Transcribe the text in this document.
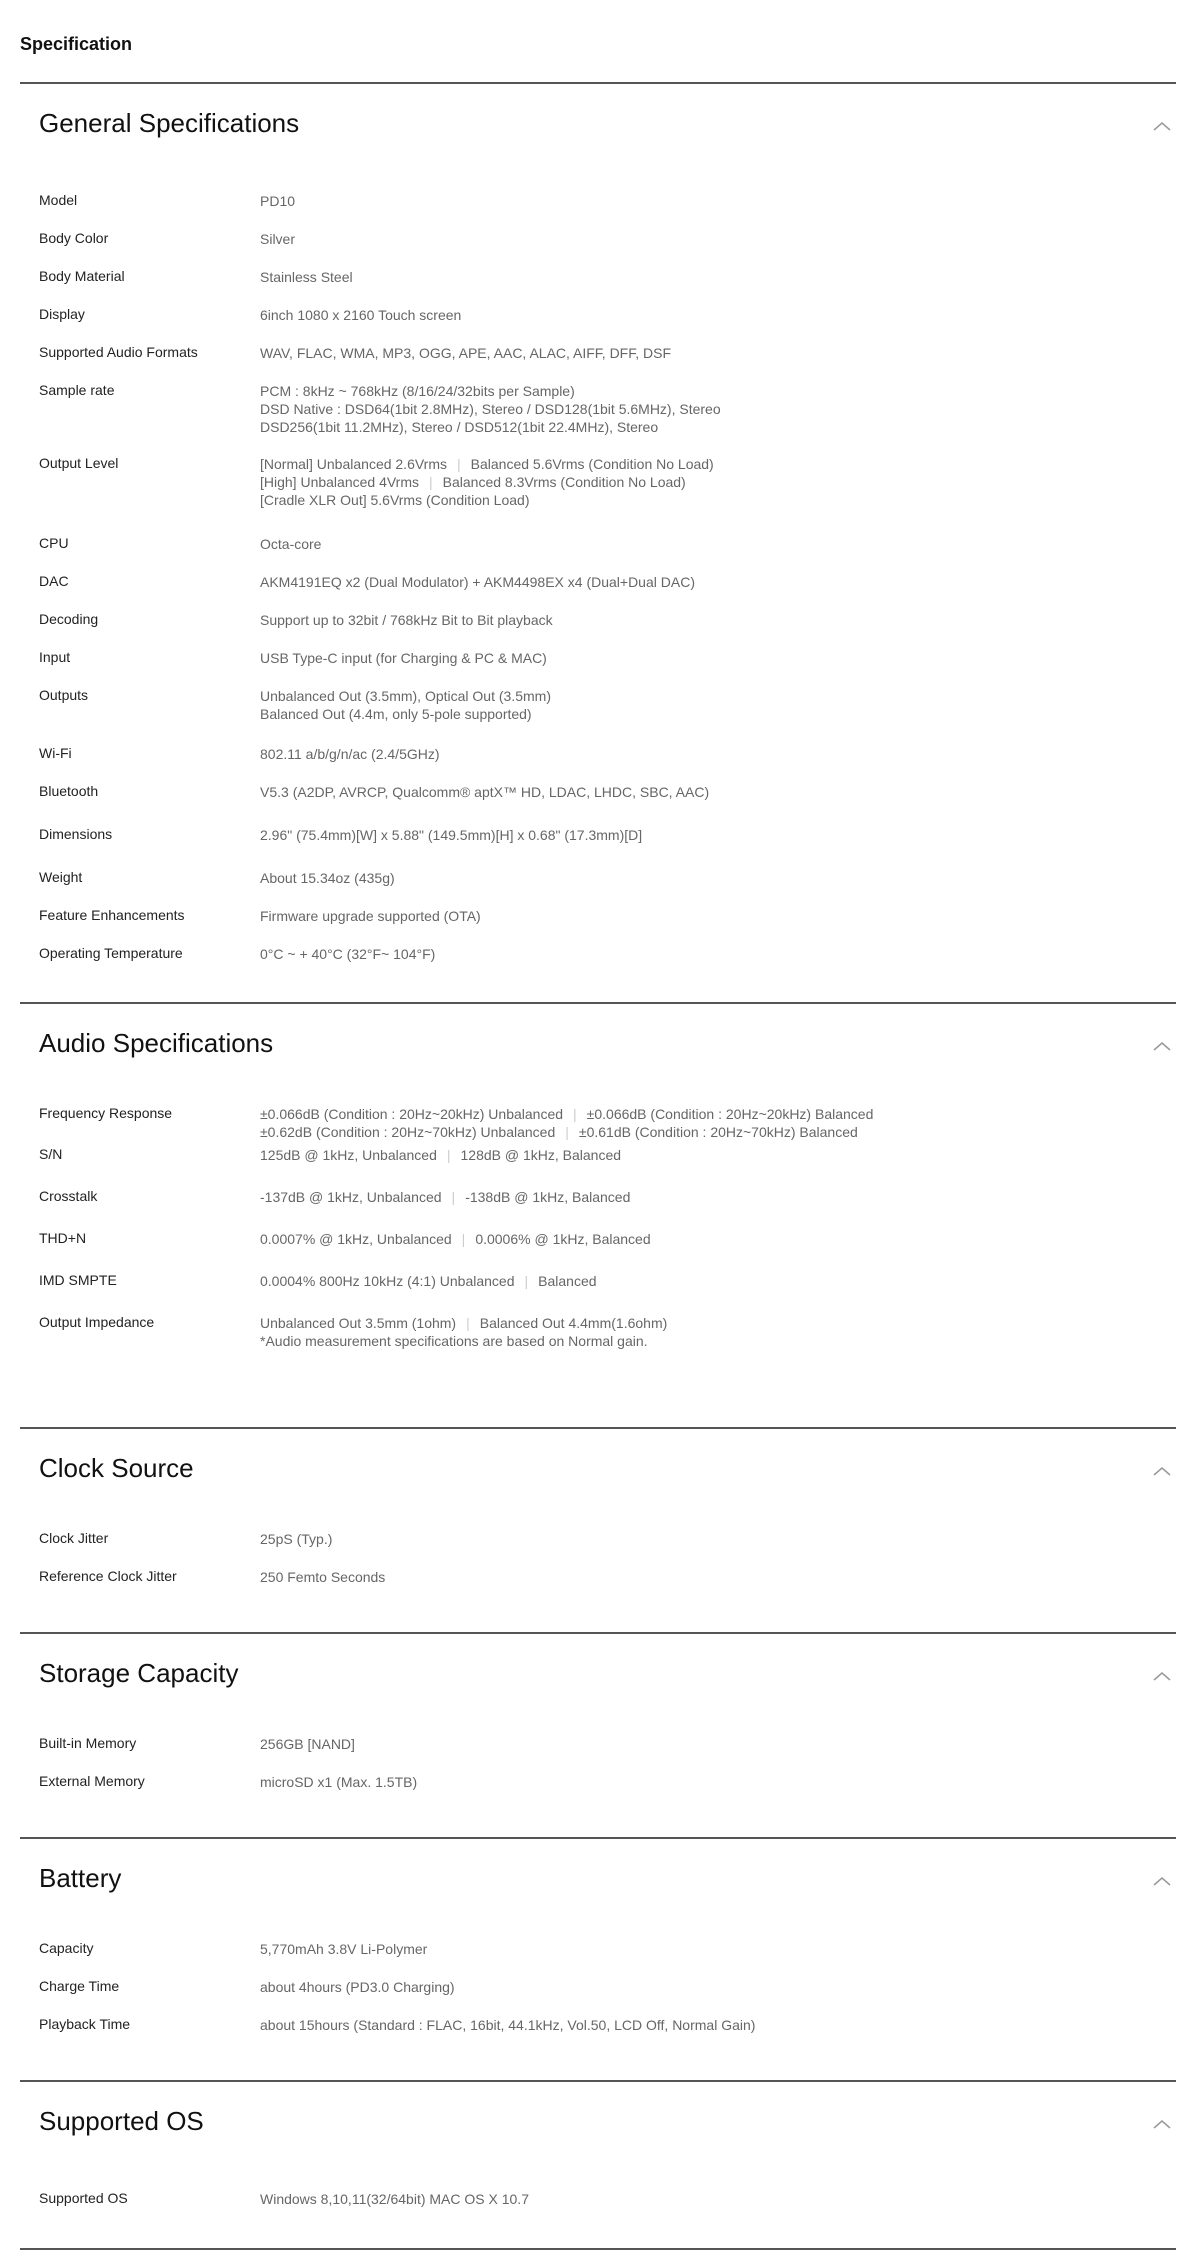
Specification
General Specifications
Model	PD10
Body Color	Silver
Body Material	Stainless Steel
Display	6inch 1080 x 2160 Touch screen
Supported Audio Formats	WAV, FLAC, WMA, MP3, OGG, APE, AAC, ALAC, AIFF, DFF, DSF
Sample rate	PCM : 8kHz ~ 768kHz (8/16/24/32bits per Sample)
DSD Native : DSD64(1bit 2.8MHz), Stereo / DSD128(1bit 5.6MHz), Stereo
DSD256(1bit 11.2MHz), Stereo / DSD512(1bit 22.4MHz), Stereo
Output Level	[Normal] Unbalanced 2.6Vrms | Balanced 5.6Vrms (Condition No Load)
[High] Unbalanced 4Vrms | Balanced 8.3Vrms (Condition No Load)
[Cradle XLR Out] 5.6Vrms (Condition Load)
CPU	Octa-core
DAC	AKM4191EQ x2 (Dual Modulator) + AKM4498EX x4 (Dual+Dual DAC)
Decoding	Support up to 32bit / 768kHz Bit to Bit playback
Input	USB Type-C input (for Charging & PC & MAC)
Outputs	Unbalanced Out (3.5mm), Optical Out (3.5mm)
Balanced Out (4.4m, only 5-pole supported)
Wi-Fi	802.11 a/b/g/n/ac (2.4/5GHz)
Bluetooth	V5.3 (A2DP, AVRCP, Qualcomm® aptX™ HD, LDAC, LHDC, SBC, AAC)
Dimensions	2.96" (75.4mm)[W] x 5.88" (149.5mm)[H] x 0.68" (17.3mm)[D]
Weight	About 15.34oz (435g)
Feature Enhancements	Firmware upgrade supported (OTA)
Operating Temperature	0°C ~ + 40°C (32°F~ 104°F)
Audio Specifications
Frequency Response	±0.066dB (Condition : 20Hz~20kHz) Unbalanced | ±0.066dB (Condition : 20Hz~20kHz) Balanced
±0.62dB (Condition : 20Hz~70kHz) Unbalanced | ±0.61dB (Condition : 20Hz~70kHz) Balanced
S/N	125dB @ 1kHz, Unbalanced | 128dB @ 1kHz, Balanced
Crosstalk	-137dB @ 1kHz, Unbalanced | -138dB @ 1kHz, Balanced
THD+N	0.0007% @ 1kHz, Unbalanced | 0.0006% @ 1kHz, Balanced
IMD SMPTE	0.0004% 800Hz 10kHz (4:1) Unbalanced | Balanced
Output Impedance	Unbalanced Out 3.5mm (1ohm) | Balanced Out 4.4mm(1.6ohm)
*Audio measurement specifications are based on Normal gain.
Clock Source
Clock Jitter	25pS (Typ.)
Reference Clock Jitter	250 Femto Seconds
Storage Capacity
Built-in Memory	256GB [NAND]
External Memory	microSD x1 (Max. 1.5TB)
Battery
Capacity	5,770mAh 3.8V Li-Polymer
Charge Time	about 4hours (PD3.0 Charging)
Playback Time	about 15hours (Standard : FLAC, 16bit, 44.1kHz, Vol.50, LCD Off, Normal Gain)
Supported OS
Supported OS	Windows 8,10,11(32/64bit) MAC OS X 10.7
